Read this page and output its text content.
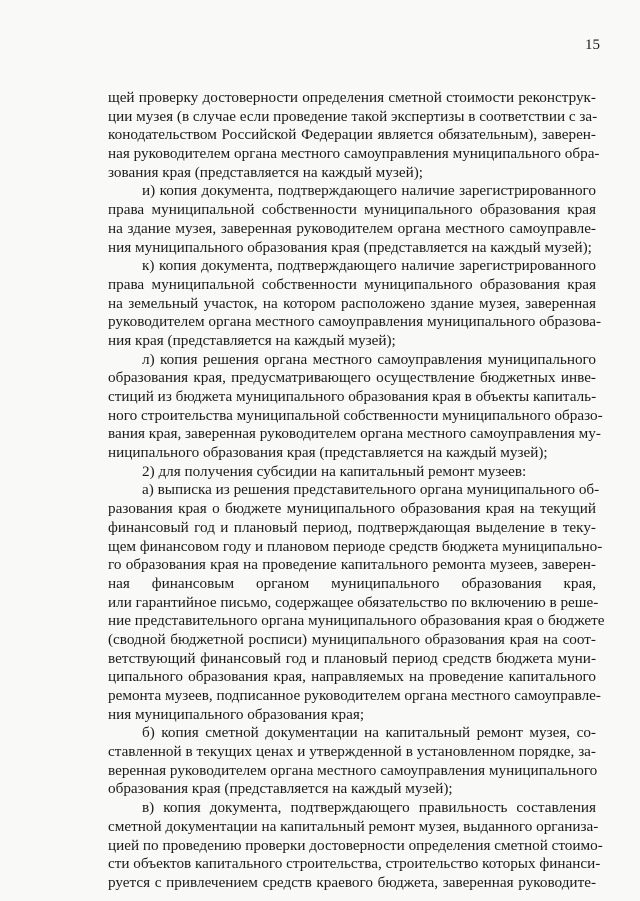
15
щей проверку достоверности определения сметной стоимости реконструк-
ции музея (в случае если проведение такой экспертизы в соответствии с за-
конодательством Российской Федерации является обязательным), заверен-
ная руководителем органа местного самоуправления муниципального обра-
зования края (представляется на каждый музей);
и) копия документа, подтверждающего наличие зарегистрированного
права муниципальной собственности муниципального образования края
на здание музея, заверенная руководителем органа местного самоуправле-
ния муниципального образования края (представляется на каждый музей);
к) копия документа, подтверждающего наличие зарегистрированного
права муниципальной собственности муниципального образования края
на земельный участок, на котором расположено здание музея, заверенная
руководителем органа местного самоуправления муниципального образова-
ния края (представляется на каждый музей);
л) копия решения органа местного самоуправления муниципального
образования края, предусматривающего осуществление бюджетных инве-
стиций из бюджета муниципального образования края в объекты капиталь-
ного строительства муниципальной собственности муниципального образо-
вания края, заверенная руководителем органа местного самоуправления му-
ниципального образования края (представляется на каждый музей);
2) для получения субсидии на капитальный ремонт музеев:
а) выписка из решения представительного органа муниципального об-
разования края о бюджете муниципального образования края на текущий
финансовый год и плановый период, подтверждающая выделение в теку-
щем финансовом году и плановом периоде средств бюджета муниципально-
го образования края на проведение капитального ремонта музеев, заверен-
ная финансовым органом муниципального образования края,
или гарантийное письмо, содержащее обязательство по включению в реше-
ние представительного органа муниципального образования края о бюджете
(сводной бюджетной росписи) муниципального образования края на соот-
ветствующий финансовый год и плановый период средств бюджета муни-
ципального образования края, направляемых на проведение капитального
ремонта музеев, подписанное руководителем органа местного самоуправле-
ния муниципального образования края;
б) копия сметной документации на капитальный ремонт музея, со-
ставленной в текущих ценах и утвержденной в установленном порядке, за-
веренная руководителем органа местного самоуправления муниципального
образования края (представляется на каждый музей);
в) копия документа, подтверждающего правильность составления
сметной документации на капитальный ремонт музея, выданного организа-
цией по проведению проверки достоверности определения сметной стоимо-
сти объектов капитального строительства, строительство которых финанси-
руется с привлечением средств краевого бюджета, заверенная руководите-
